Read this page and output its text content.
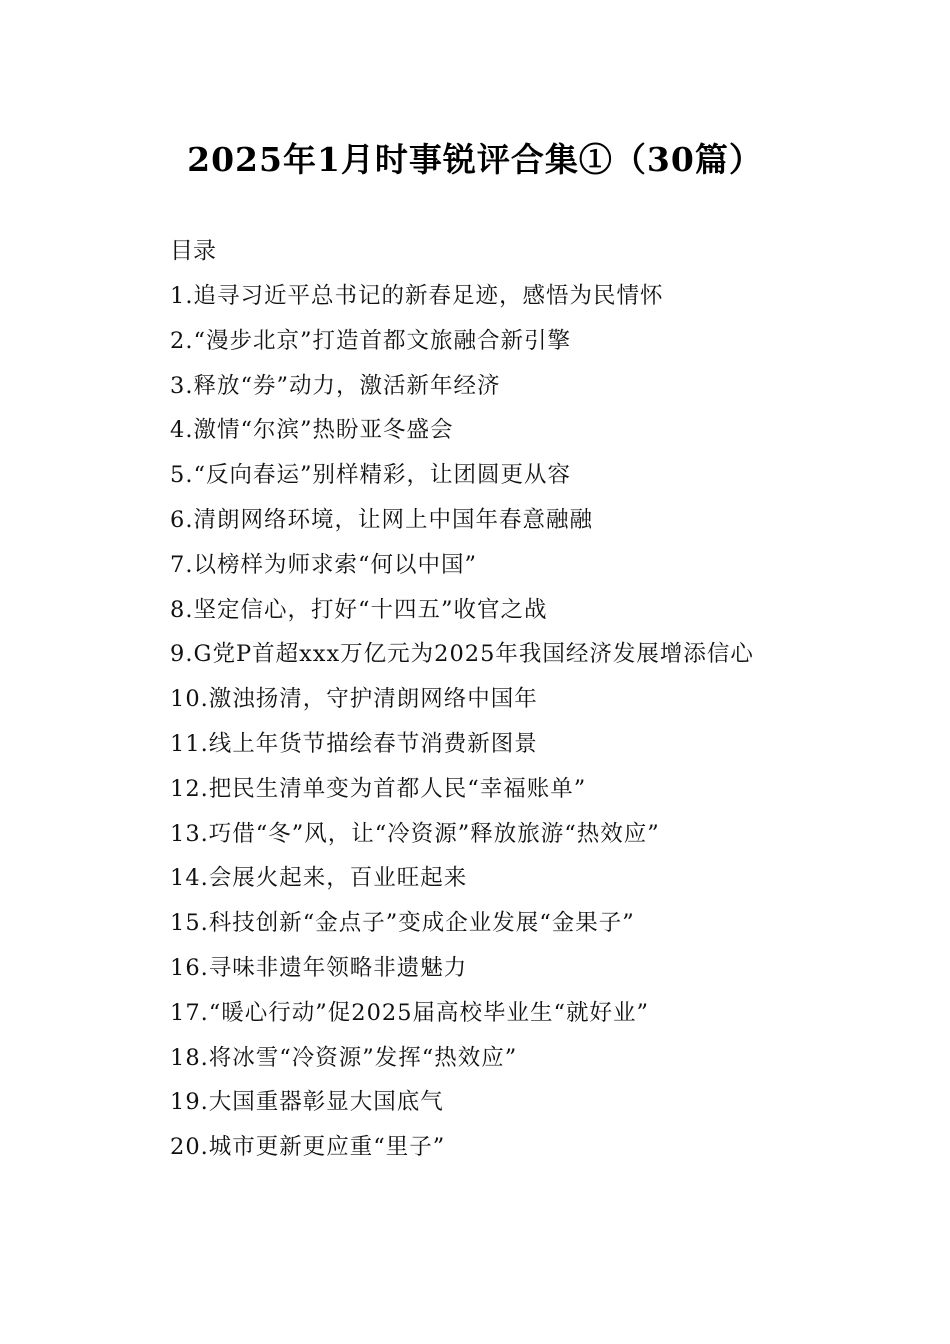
2025年1月时事锐评合集①（30篇）
目录
1.追寻习近平总书记的新春足迹，感悟为民情怀
2.“漫步北京”打造首都文旅融合新引擎
3.释放“券”动力，激活新年经济
4.激情“尔滨”热盼亚冬盛会
5.“反向春运”别样精彩，让团圆更从容
6.清朗网络环境，让网上中国年春意融融
7.以榜样为师求索“何以中国”
8.坚定信心，打好“十四五”收官之战
9.G党P首超xxx万亿元为2025年我国经济发展增添信心
10.激浊扬清，守护清朗网络中国年
11.线上年货节描绘春节消费新图景
12.把民生清单变为首都人民“幸福账单”
13.巧借“冬”风，让“冷资源”释放旅游“热效应”
14.会展火起来，百业旺起来
15.科技创新“金点子”变成企业发展“金果子”
16.寻味非遗年领略非遗魅力
17.“暖心行动”促2025届高校毕业生“就好业”
18.将冰雪“冷资源”发挥“热效应”
19.大国重器彰显大国底气
20.城市更新更应重“里子”
